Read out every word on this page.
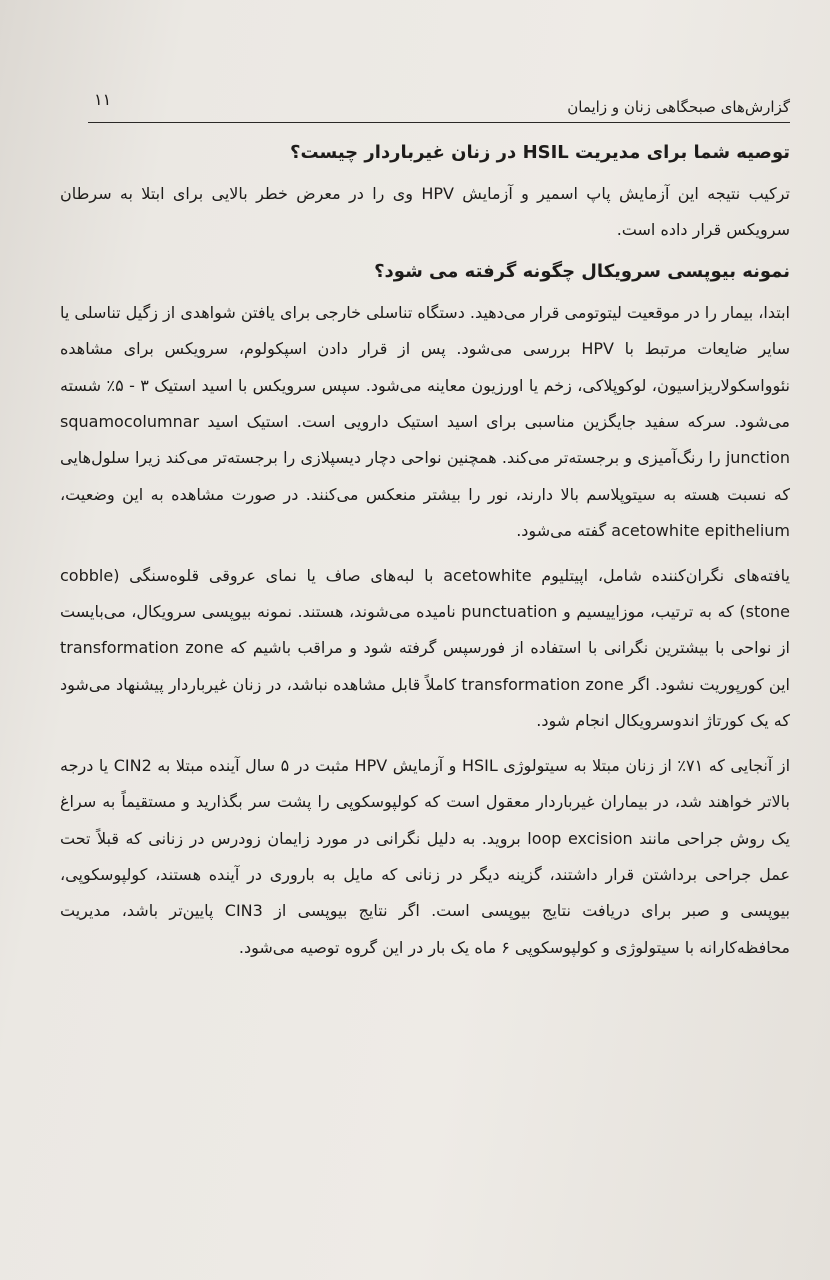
۱۱	گزارش‌های صبحگاهی زنان و زایمان
توصیه شما برای مدیریت HSIL در زنان غیرباردار چیست؟

ترکیب نتیجه این آزمایش پاپ اسمیر و آزمایش HPV وی را در معرض خطر بالایی برای ابتلا به سرطان سرویکس قرار داده است.

نمونه بیوپسی سرویکال چگونه گرفته می شود؟

ابتدا، بیمار را در موقعیت لیتوتومی قرار می‌دهید. دستگاه تناسلی خارجی برای یافتن شواهدی از زگیل تناسلی یا سایر ضایعات مرتبط با HPV بررسی می‌شود. پس از قرار دادن اسپکولوم، سرویکس برای مشاهده نئوواسکولاریزاسیون، لوکوپلاکی، زخم یا اورزیون معاینه می‌شود. سپس سرویکس با اسید استیک ۳ - ۵٪ شسته می‌شود. سرکه سفید جایگزین مناسبی برای اسید استیک دارویی است. استیک اسید squamocolumnar junction را رنگ‌آمیزی و برجسته‌تر می‌کند. همچنین نواحی دچار دیسپلازی را برجسته‌تر می‌کند زیرا سلول‌هایی که نسبت هسته به سیتوپلاسم بالا دارند، نور را بیشتر منعکس می‌کنند. در صورت مشاهده به این وضعیت، acetowhite epithelium گفته می‌شود.

یافته‌های نگران‌کننده شامل، اپیتلیوم acetowhite با لبه‌های صاف یا نمای عروقی قلوه‌سنگی (cobble stone) که به ترتیب، موزاییسیم و punctuation نامیده می‌شوند، هستند. نمونه بیوپسی سرویکال، می‌بایست از نواحی با بیشترین نگرانی با استفاده از فورسپس گرفته شود و مراقب باشیم که transformation zone این کورپوریت نشود. اگر transformation zone کاملاً قابل مشاهده نباشد، در زنان غیرباردار پیشنهاد می‌شود که یک کورتاژ اندوسرویکال انجام شود.

از آنجایی که ۷۱٪ از زنان مبتلا به سیتولوژی HSIL و آزمایش HPV مثبت در ۵ سال آینده مبتلا به CIN2 یا درجه بالاتر خواهند شد، در بیماران غیرباردار معقول است که کولپوسکوپی را پشت سر بگذارید و مستقیماً به سراغ یک روش جراحی مانند loop excision بروید. به دلیل نگرانی در مورد زایمان زودرس در زنانی که قبلاً تحت عمل جراحی برداشتن قرار داشتند، گزینه دیگر در زنانی که مایل به باروری در آینده هستند، کولپوسکوپی، بیوپسی و صبر برای دریافت نتایج بیوپسی است. اگر نتایج بیوپسی از CIN3 پایین‌تر باشد، مدیریت محافظه‌کارانه با سیتولوژی و کولپوسکوپی ۶ ماه یک بار در این گروه توصیه می‌شود.
